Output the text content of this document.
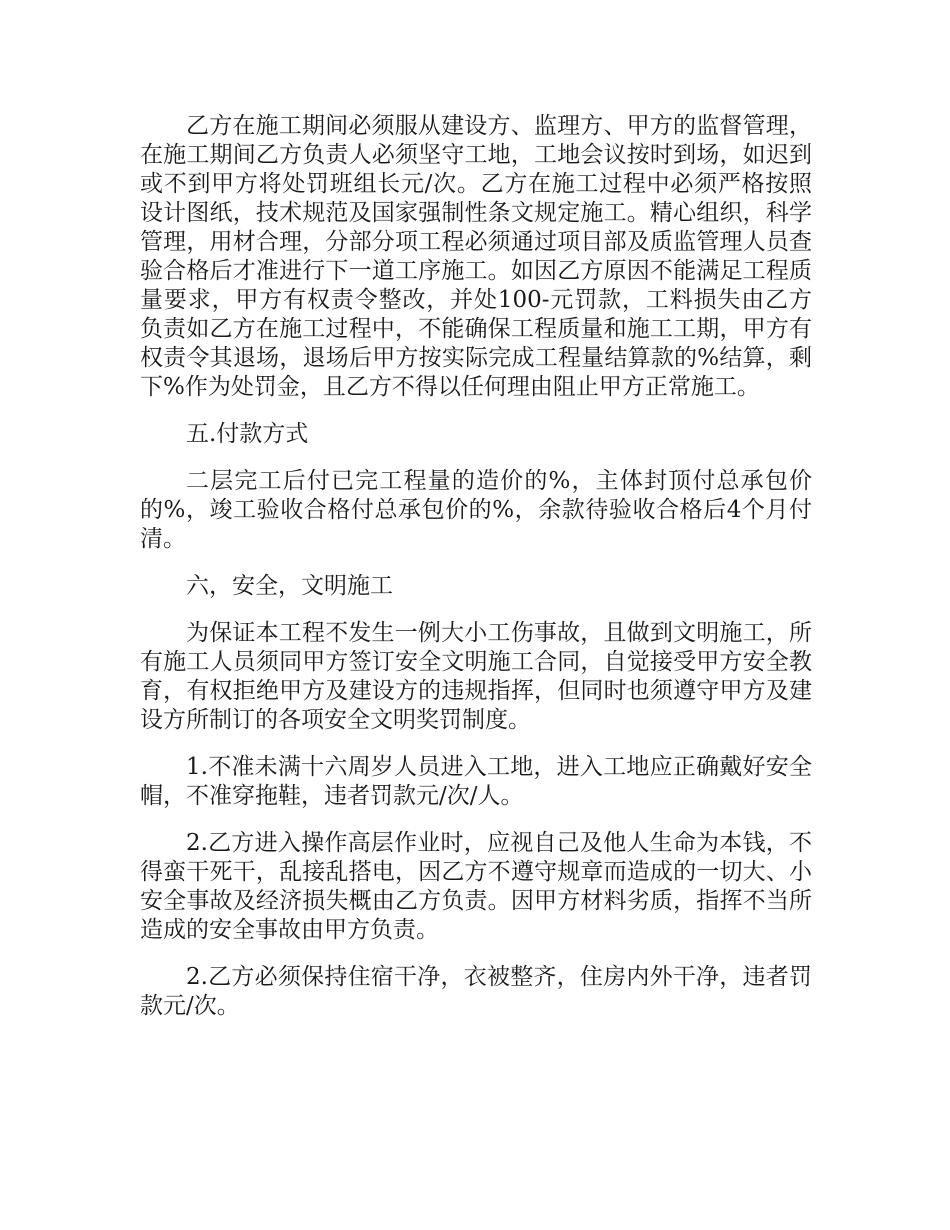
乙方在施工期间必须服从建设方、监理方、甲方的监督管理，在施工期间乙方负责人必须坚守工地，工地会议按时到场，如迟到或不到甲方将处罚班组长元/次。乙方在施工过程中必须严格按照设计图纸，技术规范及国家强制性条文规定施工。精心组织，科学管理，用材合理，分部分项工程必须通过项目部及质监管理人员查验合格后才准进行下一道工序施工。如因乙方原因不能满足工程质量要求，甲方有权责令整改，并处100-元罚款，工料损失由乙方负责如乙方在施工过程中，不能确保工程质量和施工工期，甲方有权责令其退场，退场后甲方按实际完成工程量结算款的%结算，剩下%作为处罚金，且乙方不得以任何理由阻止甲方正常施工。

五.付款方式

二层完工后付已完工程量的造价的%，主体封顶付总承包价的%，竣工验收合格付总承包价的%，余款待验收合格后4个月付清。

六，安全，文明施工

为保证本工程不发生一例大小工伤事故，且做到文明施工，所有施工人员须同甲方签订安全文明施工合同，自觉接受甲方安全教育，有权拒绝甲方及建设方的违规指挥，但同时也须遵守甲方及建设方所制订的各项安全文明奖罚制度。

1.不准未满十六周岁人员进入工地，进入工地应正确戴好安全帽，不准穿拖鞋，违者罚款元/次/人。

2.乙方进入操作高层作业时，应视自己及他人生命为本钱，不得蛮干死干，乱接乱搭电，因乙方不遵守规章而造成的一切大、小安全事故及经济损失概由乙方负责。因甲方材料劣质，指挥不当所造成的安全事故由甲方负责。

2.乙方必须保持住宿干净，衣被整齐，住房内外干净，违者罚款元/次。
